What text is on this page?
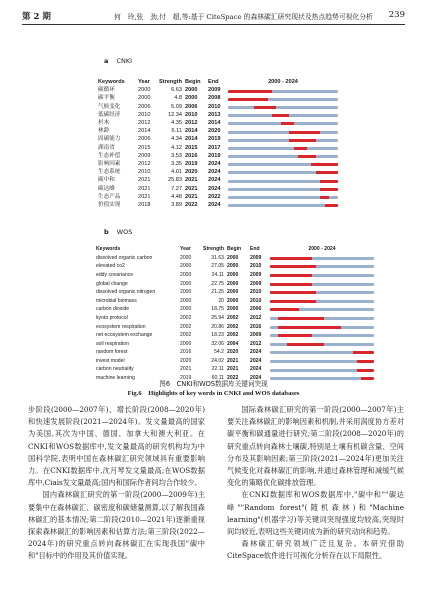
第 2 期	何　玲,张　劲,付　超,等:基于 CiteSpace 的森林碳汇研究现状及热点趋势可视化分析 239
a CNKI
Keywords	Year	Strength	Begin	End	2000 - 2024
碳循环	2000	6.63	2000	2009	

碳平衡	2000	4.8	2000	2008	

气候变化	2006	5.09	2006	2010	

低碳经济	2010	12.34	2010	2013	

杉木	2012	4.35	2012	2014	

林龄	2014	6.11	2014	2020	

固碳能力	2006	4.34	2014	2019	

湖南省	2015	4.12	2015	2017	

生态补偿	2009	3.53	2016	2019	

影响因素	2012	3.35	2019	2024	

生态系统	2010	4.01	2020	2024	

碳中和	2021	25.83	2021	2024	

碳达峰	2021	7.27	2021	2024	

生态产品	2021	4.48	2021	2022	

价值实现	2018	3.89	2022	2024	
b WOS
Keywords	Year	Strength	Begin	End	2000 - 2024
dissolved organic carbon	2000	31.63	2000	2009	

elevated co2	2000	27.05	2000	2010	

eddy covariance	2000	24.11	2000	2009	

global change	2000	22.75	2000	2009	

dissolved organic nitrogen	2000	21.25	2000	2010	

microbial biomass	2000	20	2000	2010	

carbon dioxide	2000	18.75	2000	2006	

kyoto protocol	2002	25.94	2002	2012	

ecosystem respiration	2002	20.86	2002	2016	

net ecosystem exchange	2002	18.23	2002	2009	

soil respiration	2000	32.06	2004	2012	

random forest	2016	54.2	2020	2024	

invest model	2020	24.02	2021	2024	

carbon neutrality	2021	22.11	2021	2024	

machine learning	2019	60.11	2022	2024	
图6　CNKI和WOS数据库关键词突现
Fig.6　Highlights of key words in CNKI and WOS databases

步阶段(2000—2007年)、增长阶段(2008—2020年)和快速发展阶段(2021—2024年)。发文量最高的国家为美国,其次为中国、德国、加拿大和澳大利亚。在CNKI和WOS数据库中,发文量最高的研究机构均为中国科学院,表明中国在森林碳汇研究领域具有重要影响力。在CNKI数据库中,沈月琴发文量最高;在WOS数据库中,Ciais发文量最高;国内和国际作者间均合作较少。

国内森林碳汇研究的第一阶段(2000—2009年)主要集中在森林碳汇、碳密度和碳储量测算,以了解我国森林碳汇的基本情况;第二阶段(2010—2021年)逐渐重视探索森林碳汇的影响因素和估算方法;第三阶段(2022—2024年)的研究重点转向森林碳汇在实现我国"碳中和"目标中的作用及其价值实现。

国际森林碳汇研究的第一阶段(2000—2007年)主要关注森林碳汇的影响因素和机制,并采用涡度协方差对碳平衡和碳通量进行研究;第二阶段(2008—2020年)的研究重点转向森林土壤碳,特别是土壤有机碳含量、空间分布及其影响因素;第三阶段(2021—2024年)更加关注气候变化对森林碳汇的影响,并通过森林管理和减缓气候变化的策略优化碳排放管理。

在CNKI数据库和WOS数据库中,"碳中和""碳达峰""Random forest"(随机森林)和"Machine learning"(机器学习)等关键词突现强度均较高,突现时间均较近,表明这些关键词成为新的研究动向和趋势。

森林碳汇研究领域广泛且复杂。本研究借助CiteSpace软件进行可视化分析存在以下局限性。
